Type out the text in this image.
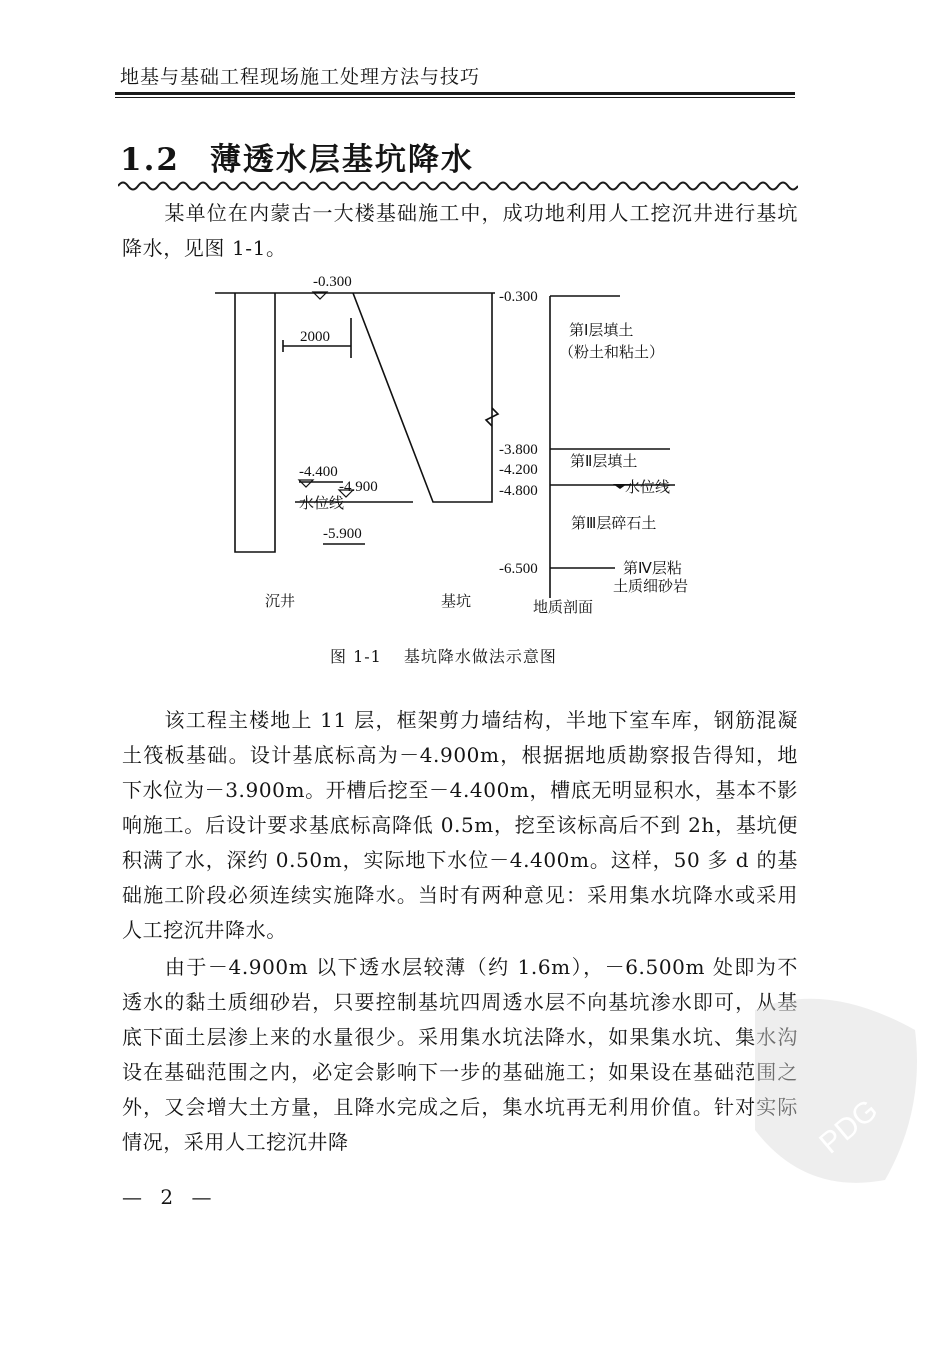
地基与基础工程现场施工处理方法与技巧
1.2 薄透水层基坑降水
某单位在内蒙古一大楼基础施工中，成功地利用人工挖沉井进行基坑降水，见图 1-1。
-0.300
2000
-4.400
-4.900
水位线
-5.900
沉井	基坑
-0.300
-3.800
-4.200
-4.800
-6.500
第Ⅰ层填土
（粉土和粘土）
第Ⅱ层填土
水位线
第Ⅲ层碎石土
第Ⅳ层粘
土质细砂岩
地质剖面
图 1-1 基坑降水做法示意图
该工程主楼地上 11 层，框架剪力墙结构，半地下室车库，钢筋混凝土筏板基础。设计基底标高为－4.900m，根据据地质勘察报告得知，地下水位为－3.900m。开槽后挖至－4.400m，槽底无明显积水，基本不影响施工。后设计要求基底标高降低 0.5m，挖至该标高后不到 2h，基坑便积满了水，深约 0.50m，实际地下水位－4.400m。这样，50 多 d 的基础施工阶段必须连续实施降水。当时有两种意见：采用集水坑降水或采用人工挖沉井降水。
由于－4.900m 以下透水层较薄（约 1.6m），－6.500m 处即为不透水的黏土质细砂岩，只要控制基坑四周透水层不向基坑渗水即可，从基底下面土层渗上来的水量很少。采用集水坑法降水，如果集水坑、集水沟设在基础范围之内，必定会影响下一步的基础施工；如果设在基础范围之外，又会增大土方量，且降水完成之后，集水坑再无利用价值。针对实际情况，采用人工挖沉井降
— 2 —
PDG
